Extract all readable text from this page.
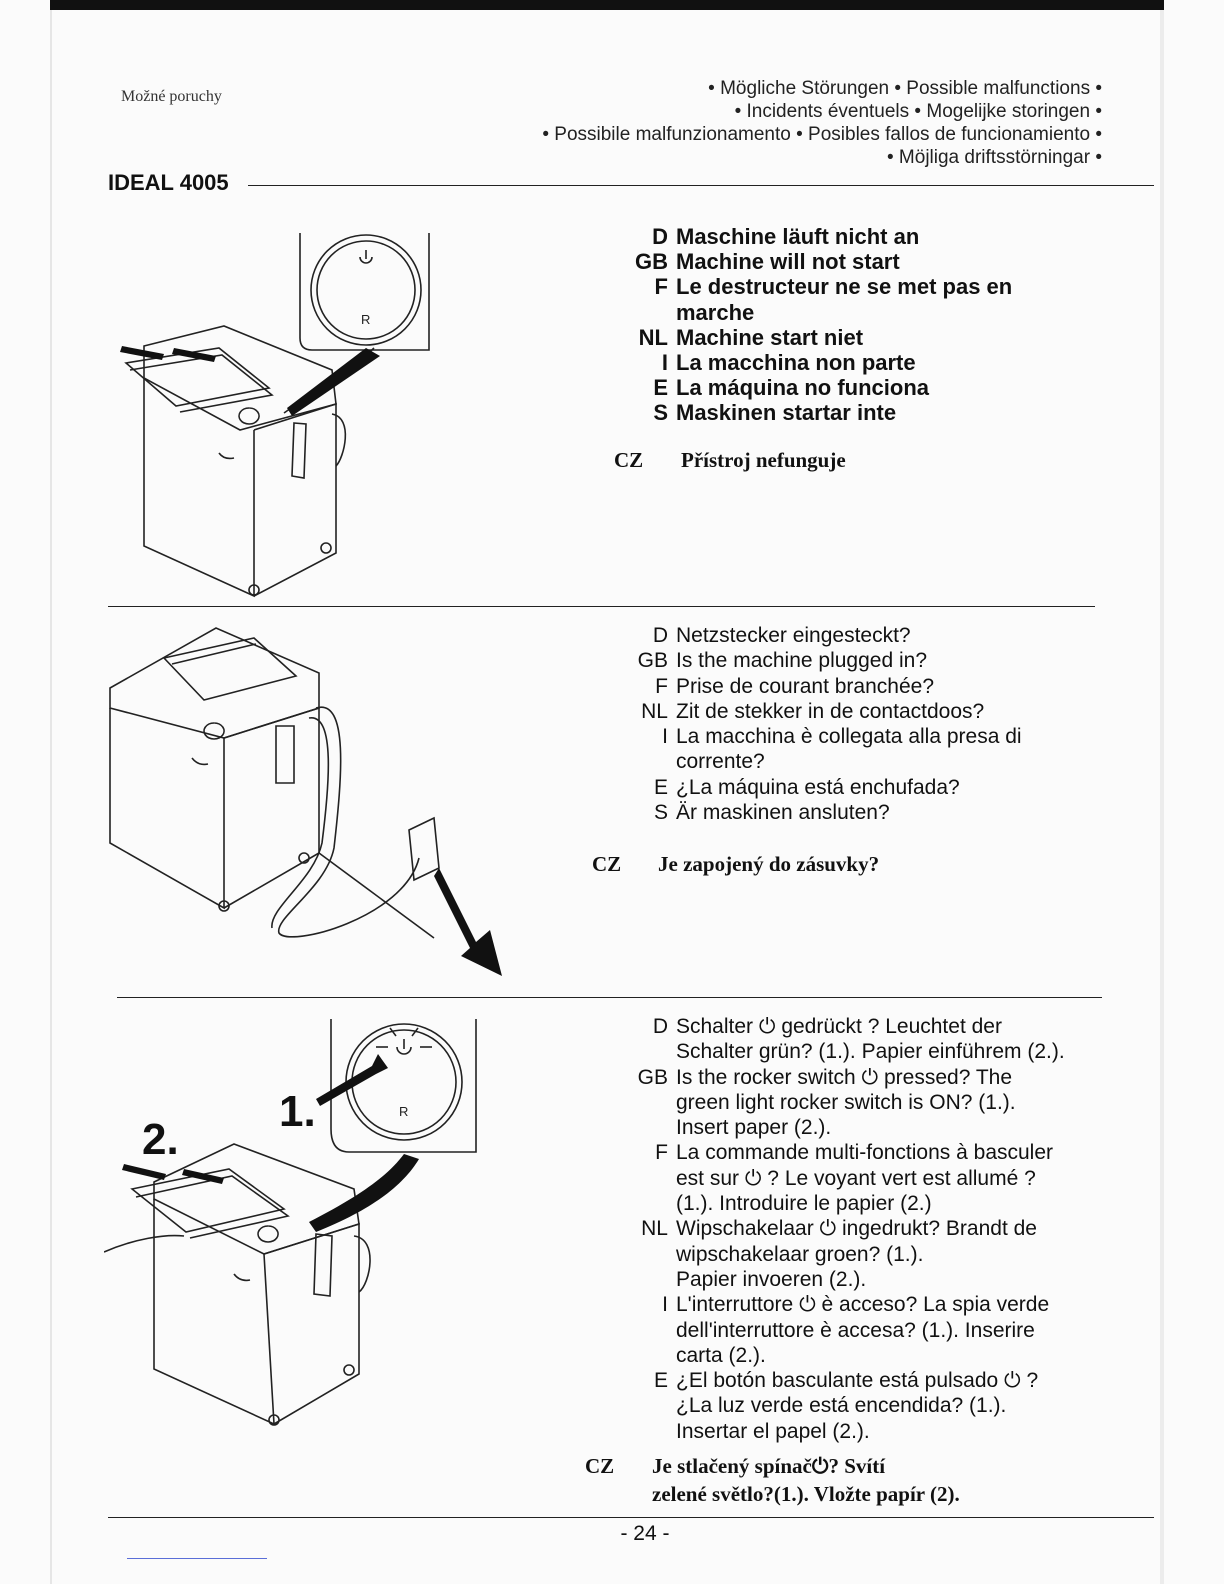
Možné poruchy	• Mögliche Störungen • Possible malfunctions •
• Incidents éventuels • Mogelijke storingen •
• Possibile malfunzionamento • Posibles fallos de funcionamiento •
• Möjliga driftsstörningar •
IDEAL 4005
R
D Maschine läuft nicht an
GB Machine will not start
F Le destructeur ne se met pas en
marche
NL Machine start niet
I La macchina non parte
E La máquina no funciona
S Maskinen startar inte
CZ	Přístroj nefunguje
D Netzstecker eingesteckt?
GB Is the machine plugged in?
F Prise de courant branchée?
NL Zit de stekker in de contactdoos?
I La macchina è collegata alla presa di
corrente?
E ¿La máquina está enchufada?
S Är maskinen ansluten?
CZ	Je zapojený do zásuvky?
1.
2.
R
D Schalter ⏻ gedrückt ? Leuchtet der
Schalter grün? (1.). Papier einführem (2.).
GB Is the rocker switch ⏻ pressed? The
green light rocker switch is ON? (1.).
Insert paper (2.).
F La commande multi-fonctions à basculer
est sur ⏻ ? Le voyant vert est allumé ?
(1.). Introduire le papier (2.)
NL Wipschakelaar ⏻ ingedrukt? Brandt de
wipschakelaar groen? (1.).
Papier invoeren (2.).
I L'interruttore ⏻ è acceso? La spia verde
dell'interruttore è accesa? (1.). Inserire
carta (2.).
E ¿El botón basculante está pulsado ⏻ ?
¿La luz verde está encendida? (1.).
Insertar el papel (2.).
CZ	Je stlačený spínač⏻? Svítí
zelené světlo?(1.). Vložte papír (2).
- 24 -
